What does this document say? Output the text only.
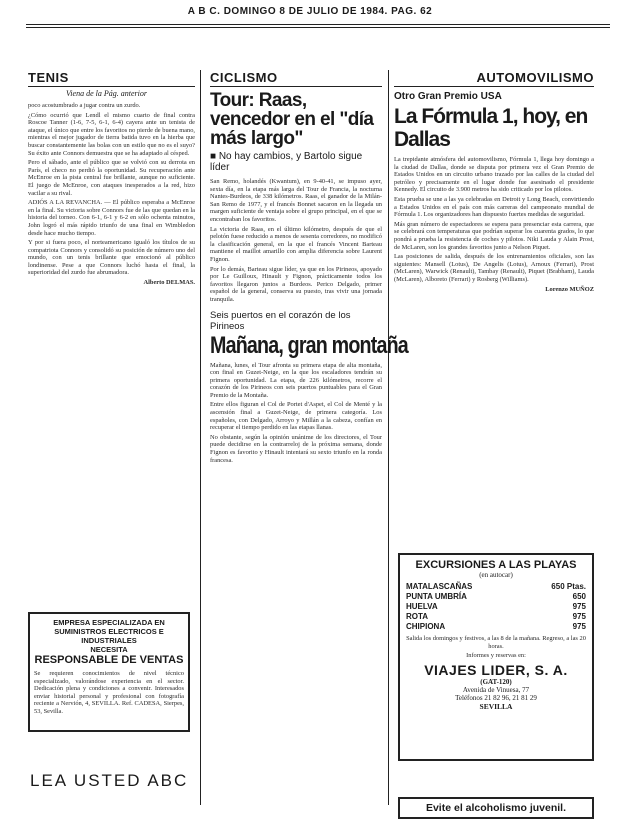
A B C. DOMINGO 8 DE JULIO DE 1984. PAG. 62
TENIS
Viena de la Pág. anterior

poco acostumbrado a jugar contra un zurdo.

¿Cómo ocurrió que Lendl el mismo cuarto de final contra Roscoe Tanner (1-6, 7-5, 6-1, 6-4) cayera ante un tenista de ataque, el único que entre los favoritos no pierde de buena mano, mientras el mejor jugador de tierra batida tuvo en la hierba que buscar constantemente las bolas con un estilo que no es el suyo? Su éxito ante Connors demuestra que se ha adaptado al césped.

Pero el sábado, ante el público que se volvió con su derrota en París, el checo no perdió la oportunidad. Su recuperación ante McEnroe en la pista central fue brillante, aunque no suficiente. El juego de McEnroe, con ataques inesperados a la red, hizo vacilar a su rival.

ADIÓS A LA REVANCHA. — El público esperaba a McEnroe en la final. Su victoria sobre Connors fue de las que quedan en la historia del torneo. Con 6-1, 6-1 y 6-2 en sólo ochenta minutos, John logró el más rápido triunfo de una final en Wimbledon desde hace mucho tiempo.

Y por si fuera poco, el norteamericano igualó los títulos de su compatriota Connors y consolidó su posición de número uno del mundo, con un tenis brillante que emocionó al público londinense. Pese a que Connors luchó hasta el final, la superioridad del zurdo fue abrumadora.

Alberto DELMAS.

EMPRESA ESPECIALIZADA EN
SUMINISTROS ELECTRICOS E
INDUSTRIALES
NECESITA
RESPONSABLE DE VENTAS

Se requieren conocimientos de nivel técnico especializado, valorándose experiencia en el sector. Dedicación plena y condiciones a convenir. Interesados enviar historial personal y profesional con fotografía reciente a Nervión, 4, SEVILLA. Ref. CADESA, Sierpes, 53, Sevilla.

LEA USTED ABC
CICLISMO
Tour: Raas, vencedor en el "día más largo"
■ No hay cambios, y Bartolo sigue líder

San Remo, holandés (Kwantum), en 9-40-41, se impuso ayer, sexta día, en la etapa más larga del Tour de Francia, la nocturna Nantes-Burdeos, de 338 kilómetros. Raas, el ganador de la Milán-San Remo de 1977, y el francés Bonnet sacaron en la llegada un margen suficiente de ventaja sobre el grupo principal, en el que se encontraban los favoritos.

La victoria de Raas, en el último kilómetro, después de que el pelotón fuese reducido a menos de sesenta corredores, no modificó la clasificación general, en la que el francés Vincent Barteau mantiene el maillot amarillo con amplia diferencia sobre Laurent Fignon.

Por lo demás, Barteau sigue líder, ya que en los Pirineos, apoyado por Le Guilloux, Hinault y Fignon, prácticamente todos los favoritos llegaron juntos a Burdeos. Perico Delgado, primer español de la general, conserva su puesto, tras vivir una jornada tranquila.

Seis puertos en el corazón de los Pirineos
Mañana, gran montaña

Mañana, lunes, el Tour afronta su primera etapa de alta montaña, con final en Guzet-Neige, en la que los escaladores tendrán su primera oportunidad. La etapa, de 226 kilómetros, recorre el corazón de los Pirineos con seis puertos puntuables para el Gran Premio de la Montaña.

Entre ellos figuran el Col de Portet d'Aspet, el Col de Menté y la ascensión final a Guzet-Neige, de primera categoría. Los españoles, con Delgado, Arroyo y Millán a la cabeza, confían en recuperar el tiempo perdido en las etapas llanas.

No obstante, según la opinión unánime de los directores, el Tour puede decidirse en la contrarreloj de la próxima semana, donde Fignon es favorito y Hinault intentará su sexto triunfo en la ronda francesa.

AUTOMOVILISMO
Otro Gran Premio USA
La Fórmula 1, hoy, en Dallas

La trepidante atmósfera del automovilismo, Fórmula 1, llega hoy domingo a la ciudad de Dallas, donde se disputa por primera vez el Gran Premio de Estados Unidos en un circuito urbano trazado por las calles de la ciudad del petróleo y precisamente en el lugar donde fue asesinado el presidente Kennedy. El circuito de 3.900 metros ha sido criticado por los pilotos.

Esta prueba se une a las ya celebradas en Detroit y Long Beach, convirtiendo a Estados Unidos en el país con más carreras del campeonato mundial de Fórmula 1. Los organizadores han dispuesto fuertes medidas de seguridad.

Más gran número de espectadores se espera para presenciar esta carrera, que se celebrará con temperaturas que podrían superar los cuarenta grados, lo que pondrá a prueba la resistencia de coches y pilotos. Niki Lauda y Alain Prost, de McLaren, son los grandes favoritos junto a Nelson Piquet.

Las posiciones de salida, después de los entrenamientos oficiales, son las siguientes: Mansell (Lotus), De Angelis (Lotus), Arnoux (Ferrari), Prost (McLaren), Warwick (Renault), Tambay (Renault), Piquet (Brabham), Lauda (McLaren), Alboreto (Ferrari) y Rosberg (Williams).

Lorenzo MUÑOZ

EXCURSIONES A LAS PLAYAS
(en autocar)
MATALASCAÑAS	650 Ptas.
PUNTA UMBRÍA	650
HUELVA	975
ROTA	975
CHIPIONA	975

Salida los domingos y festivos, a las 8 de la mañana. Regreso, a las 20 horas.

Informes y reservas en:

VIAJES LIDER, S. A.
(GAT-120)
Avenida de Vinuesa, 77
Teléfonos 21 82 96, 21 81 29
SEVILLA
Evite el alcoholismo juvenil.
